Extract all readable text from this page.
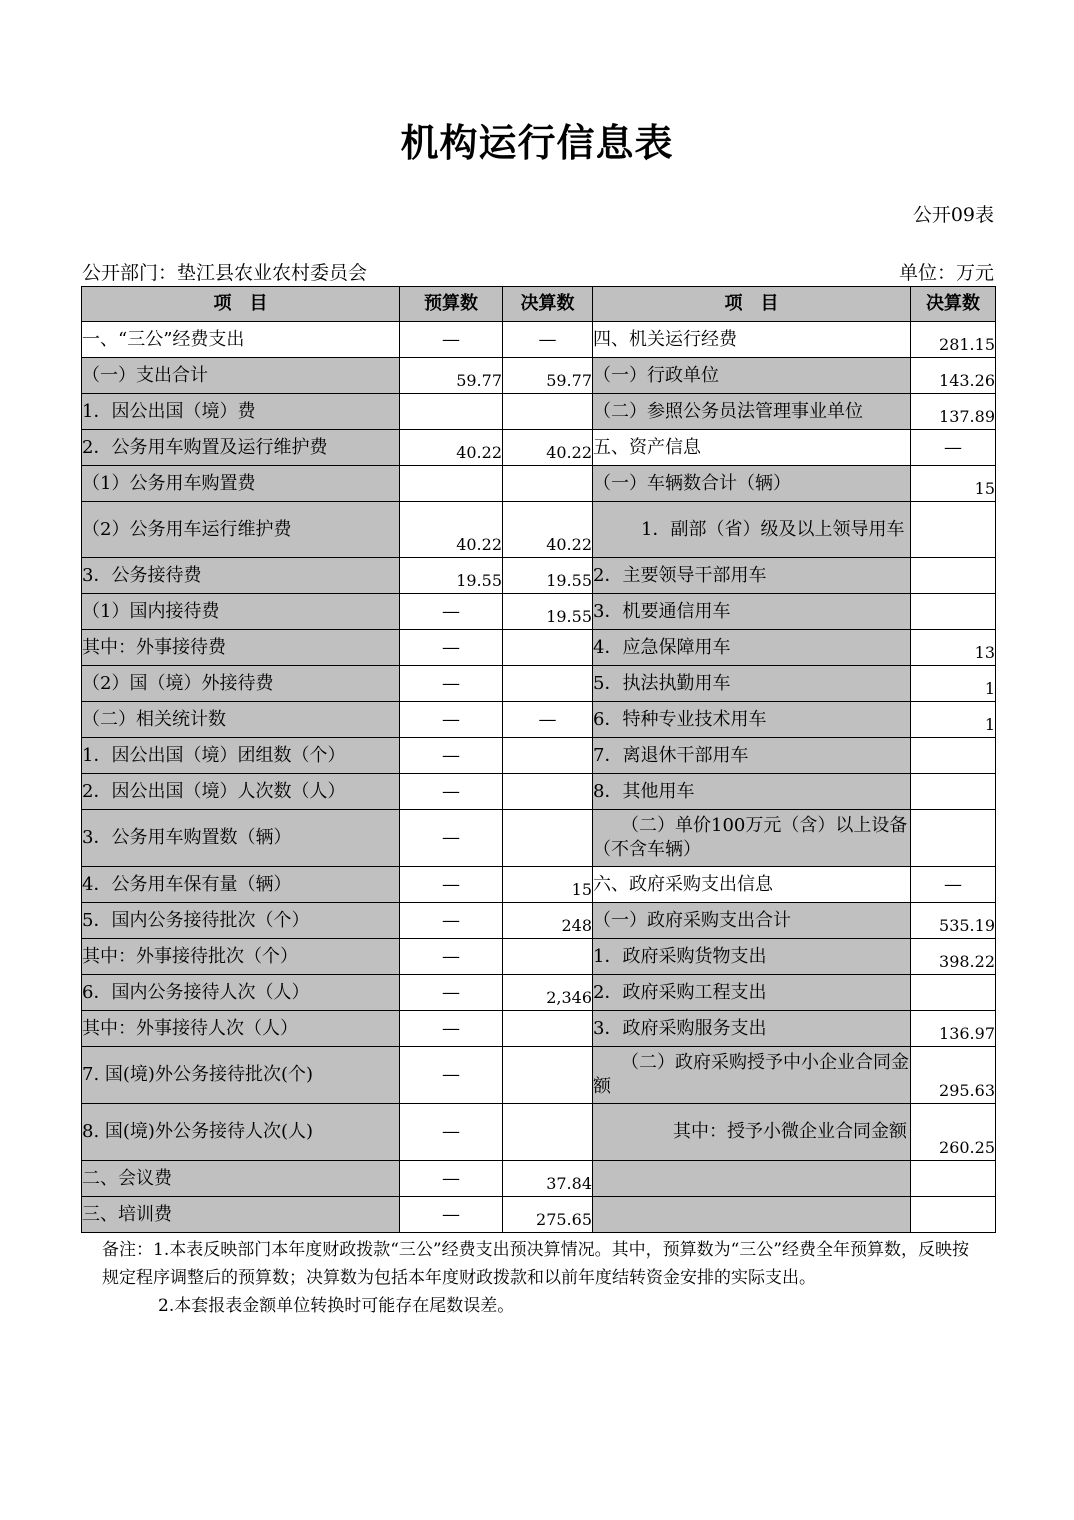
机构运行信息表
公开09表
公开部门：垫江县农业农村委员会	单位：万元
项　目	预算数	决算数	项　目	决算数
一、“三公”经费支出	—	—	四、机关运行经费	281.15
（一）支出合计	59.77	59.77	（一）行政单位	143.26
1．因公出国（境）费			（二）参照公务员法管理事业单位	137.89
2．公务用车购置及运行维护费	40.22	40.22	五、资产信息	—
（1）公务用车购置费			（一）车辆数合计（辆）	15
（2）公务用车运行维护费	40.22	40.22	1．副部（省）级及以上领导用车	
3．公务接待费	19.55	19.55	2．主要领导干部用车	
（1）国内接待费	—	19.55	3．机要通信用车	
其中：外事接待费	—		4．应急保障用车	13
（2）国（境）外接待费	—		5．执法执勤用车	1
（二）相关统计数	—	—	6．特种专业技术用车	1
1．因公出国（境）团组数（个）	—		7．离退休干部用车	
2．因公出国（境）人次数（人）	—		8．其他用车	
3．公务用车购置数（辆）	—		（二）单价100万元（含）以上设备（不含车辆）	
4．公务用车保有量（辆）	—	15	六、政府采购支出信息	—
5．国内公务接待批次（个）	—	248	（一）政府采购支出合计	535.19
其中：外事接待批次（个）	—		1．政府采购货物支出	398.22
6．国内公务接待人次（人）	—	2,346	2．政府采购工程支出	
其中：外事接待人次（人）	—		3．政府采购服务支出	136.97
7. 国(境)外公务接待批次(个)	—		（二）政府采购授予中小企业合同金额	295.63
8. 国(境)外公务接待人次(人)	—		其中：授予小微企业合同金额	260.25
二、会议费	—	37.84		
三、培训费	—	275.65		

备注：1.本表反映部门本年度财政拨款“三公”经费支出预决算情况。其中，预算数为“三公”经费全年预算数，反映按规定程序调整后的预算数；决算数为包括本年度财政拨款和以前年度结转资金安排的实际支出。

2.本套报表金额单位转换时可能存在尾数误差。
